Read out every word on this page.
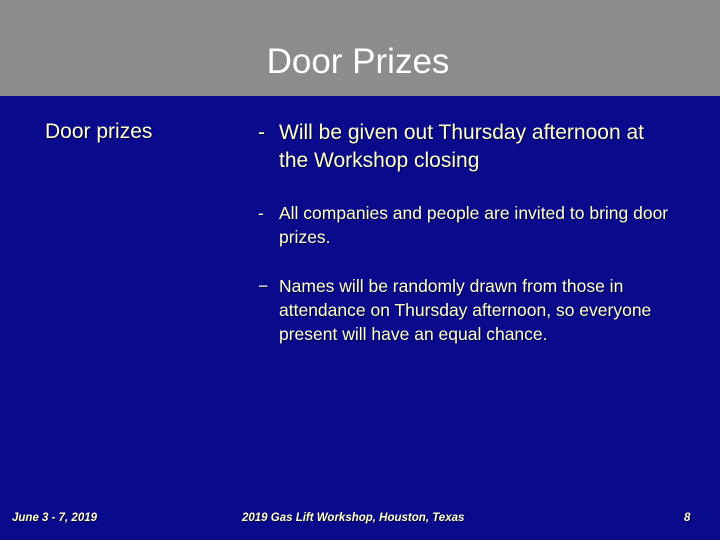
Door Prizes
Door prizes	- Will be given out Thursday afternoon at the Workshop closing
- All companies and people are invited to bring door prizes.
− Names will be randomly drawn from those in attendance on Thursday afternoon, so everyone present will have an equal chance.
June 3 - 7, 2019	2019 Gas Lift Workshop, Houston, Texas	8
